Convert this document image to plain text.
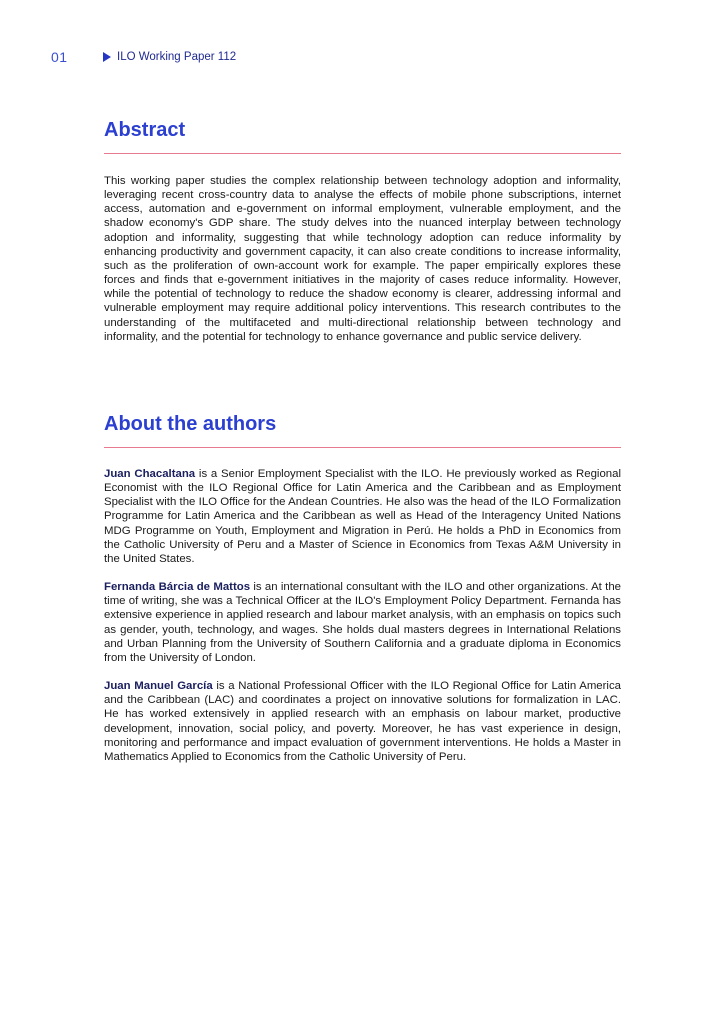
01	ILO Working Paper 112
Abstract

This working paper studies the complex relationship between technology adoption and informality, leveraging recent cross-country data to analyse the effects of mobile phone subscriptions, internet access, automation and e-government on informal employment, vulnerable employment, and the shadow economy's GDP share. The study delves into the nuanced interplay between technology adoption and informality, suggesting that while technology adoption can reduce informality by enhancing productivity and government capacity, it can also create conditions to increase informality, such as the proliferation of own-account work for example. The paper empirically explores these forces and finds that e-government initiatives in the majority of cases reduce informality. However, while the potential of technology to reduce the shadow economy is clearer, addressing informal and vulnerable employment may require additional policy interventions. This research contributes to the understanding of the multifaceted and multi-directional relationship between technology and informality, and the potential for technology to enhance governance and public service delivery.

About the authors

Juan Chacaltana is a Senior Employment Specialist with the ILO. He previously worked as Regional Economist with the ILO Regional Office for Latin America and the Caribbean and as Employment Specialist with the ILO Office for the Andean Countries. He also was the head of the ILO Formalization Programme for Latin America and the Caribbean as well as Head of the Interagency United Nations MDG Programme on Youth, Employment and Migration in Perú. He holds a PhD in Economics from the Catholic University of Peru and a Master of Science in Economics from Texas A&M University in the United States.

Fernanda Bárcia de Mattos is an international consultant with the ILO and other organizations. At the time of writing, she was a Technical Officer at the ILO's Employment Policy Department. Fernanda has extensive experience in applied research and labour market analysis, with an emphasis on topics such as gender, youth, technology, and wages. She holds dual masters degrees in International Relations and Urban Planning from the University of Southern California and a graduate diploma in Economics from the University of London.

Juan Manuel García is a National Professional Officer with the ILO Regional Office for Latin America and the Caribbean (LAC) and coordinates a project on innovative solutions for formalization in LAC. He has worked extensively in applied research with an emphasis on labour market, productive development, innovation, social policy, and poverty. Moreover, he has vast experience in design, monitoring and performance and impact evaluation of government interventions. He holds a Master in Mathematics Applied to Economics from the Catholic University of Peru.
